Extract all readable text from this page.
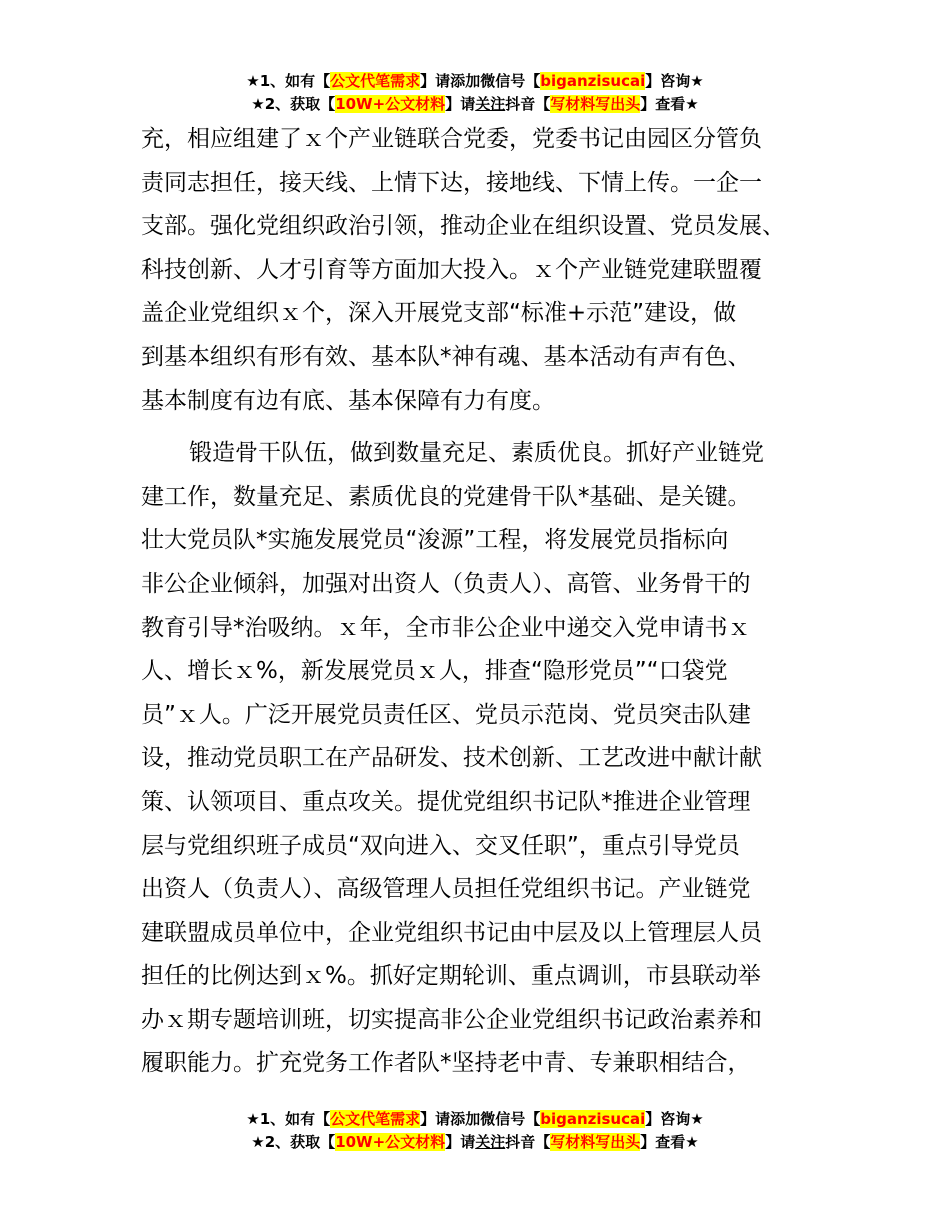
★1、如有【公文代笔需求】请添加微信号【biganzisucai】咨询★
★2、获取【10W+公文材料】请关注抖音【写材料写出头】查看★
充，相应组建了ｘ个产业链联合党委，党委书记由园区分管负
责同志担任，接天线、上情下达，接地线、下情上传。一企一
支部。强化党组织政治引领，推动企业在组织设置、党员发展、
科技创新、人才引育等方面加大投入。ｘ个产业链党建联盟覆
盖企业党组织ｘ个，深入开展党支部“标准+示范”建设，做
到基本组织有形有效、基本队*神有魂、基本活动有声有色、
基本制度有边有底、基本保障有力有度。
锻造骨干队伍，做到数量充足、素质优良。抓好产业链党
建工作，数量充足、素质优良的党建骨干队*基础、是关键。
壮大党员队*实施发展党员“浚源”工程，将发展党员指标向
非公企业倾斜，加强对出资人（负责人）、高管、业务骨干的
教育引导*治吸纳。ｘ年，全市非公企业中递交入党申请书ｘ
人、增长ｘ%，新发展党员ｘ人，排查“隐形党员”“口袋党
员”ｘ人。广泛开展党员责任区、党员示范岗、党员突击队建
设，推动党员职工在产品研发、技术创新、工艺改进中献计献
策、认领项目、重点攻关。提优党组织书记队*推进企业管理
层与党组织班子成员“双向进入、交叉任职”，重点引导党员
出资人（负责人）、高级管理人员担任党组织书记。产业链党
建联盟成员单位中，企业党组织书记由中层及以上管理层人员
担任的比例达到ｘ%。抓好定期轮训、重点调训，市县联动举
办ｘ期专题培训班，切实提高非公企业党组织书记政治素养和
履职能力。扩充党务工作者队*坚持老中青、专兼职相结合，
★1、如有【公文代笔需求】请添加微信号【biganzisucai】咨询★
★2、获取【10W+公文材料】请关注抖音【写材料写出头】查看★
